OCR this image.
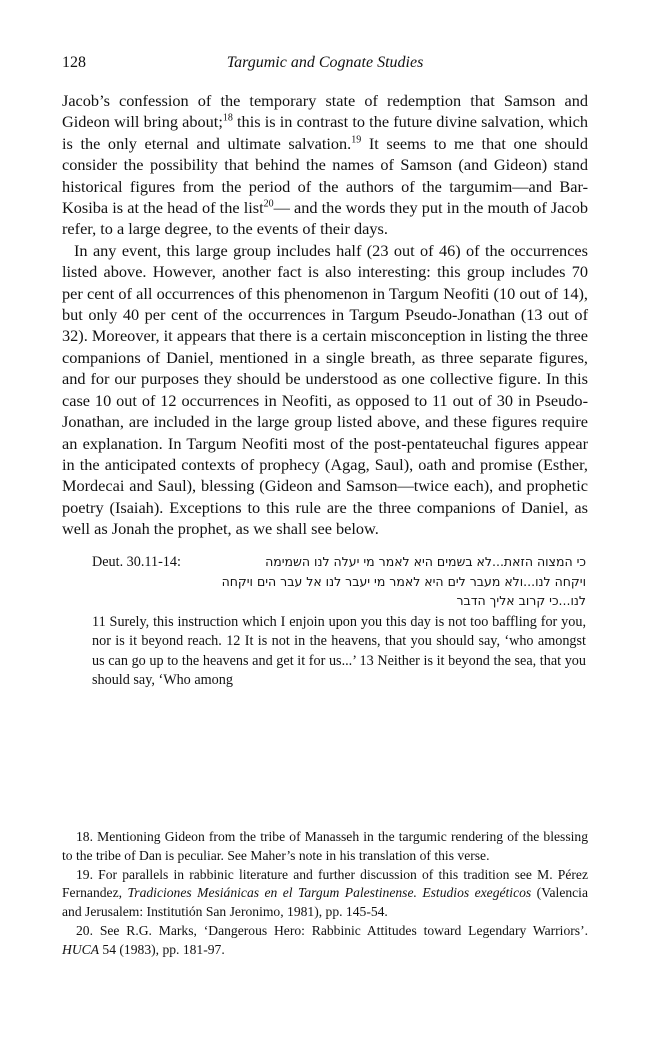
128	Targumic and Cognate Studies

Jacob’s confession of the temporary state of redemption that Samson and Gideon will bring about;$^{18}$ this is in contrast to the future divine salvation, which is the only eternal and ultimate salvation.$^{19}$ It seems to me that one should consider the possibility that behind the names of Samson (and Gideon) stand historical figures from the period of the authors of the targumim—and Bar-Kosiba is at the head of the list$^{20}$— and the words they put in the mouth of Jacob refer, to a large degree, to the events of their days.

In any event, this large group includes half (23 out of 46) of the occurrences listed above. However, another fact is also interesting: this group includes 70 per cent of all occurrences of this phenomenon in Targum Neofiti (10 out of 14), but only 40 per cent of the occurrences in Targum Pseudo-Jonathan (13 out of 32). Moreover, it appears that there is a certain misconception in listing the three companions of Daniel, mentioned in a single breath, as three separate figures, and for our purposes they should be understood as one collective figure. In this case 10 out of 12 occurrences in Neofiti, as opposed to 11 out of 30 in Pseudo-Jonathan, are included in the large group listed above, and these figures require an explanation. In Targum Neofiti most of the post-pentateuchal figures appear in the anticipated contexts of prophecy (Agag, Saul), oath and promise (Esther, Mordecai and Saul), blessing (Gideon and Samson—twice each), and prophetic poetry (Isaiah). Exceptions to this rule are the three companions of Daniel, as well as Jonah the prophet, as we shall see below.

Deut. 30.11-14:	כי המצוה הזאת...לא בשמים היא לאמר מי יעלה לנו השמימה
ויקחה לנו...ולא מעבר לים היא לאמר מי יעבר לנו אל עבר הים ויקחה
לנו...כי קרוב אליך הדבר
11 Surely, this instruction which I enjoin upon you this day is not too baffling for you, nor is it beyond reach. 12 It is not in the heavens, that you should say, ‘who amongst us can go up to the heavens and get it for us...’ 13 Neither is it beyond the sea, that you should say, ‘Who among

18. Mentioning Gideon from the tribe of Manasseh in the targumic rendering of the blessing to the tribe of Dan is peculiar. See Maher’s note in his translation of this verse.

19. For parallels in rabbinic literature and further discussion of this tradition see M. Pérez Fernandez, Tradiciones Mesiánicas en el Targum Palestinense. Estudios exegéticos (Valencia and Jerusalem: Institutión San Jeronimo, 1981), pp. 145-54.

20. See R.G. Marks, ‘Dangerous Hero: Rabbinic Attitudes toward Legendary Warriors’. HUCA 54 (1983), pp. 181-97.
